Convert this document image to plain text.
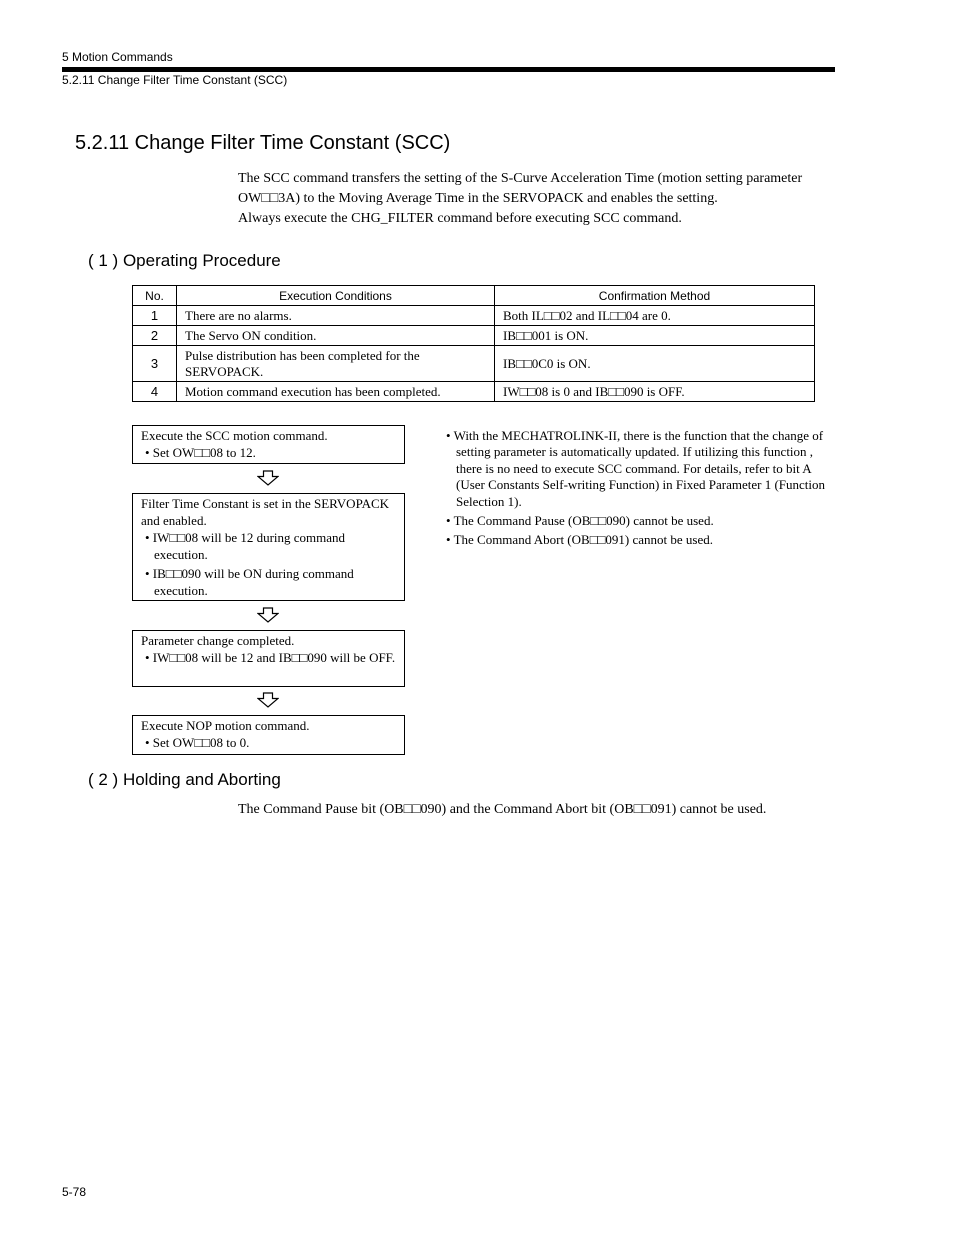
5 Motion Commands
5.2.11 Change Filter Time Constant (SCC)
5.2.11 Change Filter Time Constant (SCC)

The SCC command transfers the setting of the S-Curve Acceleration Time (motion setting parameter OW□□3A) to the Moving Average Time in the SERVOPACK and enables the setting.

Always execute the CHG_FILTER command before executing SCC command.

( 1 ) Operating Procedure
No.	Execution Conditions	Confirmation Method
1	There are no alarms.	Both IL□□02 and IL□□04 are 0.
2	The Servo ON condition.	IB□□001 is ON.
3	Pulse distribution has been completed for the SERVOPACK.	IB□□0C0 is ON.
4	Motion command execution has been completed.	IW□□08 is 0 and IB□□090 is OFF.

Execute the SCC motion command.

• Set OW□□08 to 12.

Filter Time Constant is set in the SERVOPACK and enabled.

• IW□□08 will be 12 during command execution.

• IB□□090 will be ON during command execution.

Parameter change completed.

• IW□□08 will be 12 and IB□□090 will be OFF.

Execute NOP motion command.

• Set OW□□08 to 0.

• With the MECHATROLINK-II, there is the function that the change of setting parameter is automatically updated. If utilizing this function , there is no need to execute SCC command. For details, refer to bit A (User Constants Self-writing Function) in Fixed Parameter 1 (Function Selection 1).

• The Command Pause (OB□□090) cannot be used.

• The Command Abort (OB□□091) cannot be used.

( 2 ) Holding and Aborting
The Command Pause bit (OB□□090) and the Command Abort bit (OB□□091) cannot be used.
5-78
